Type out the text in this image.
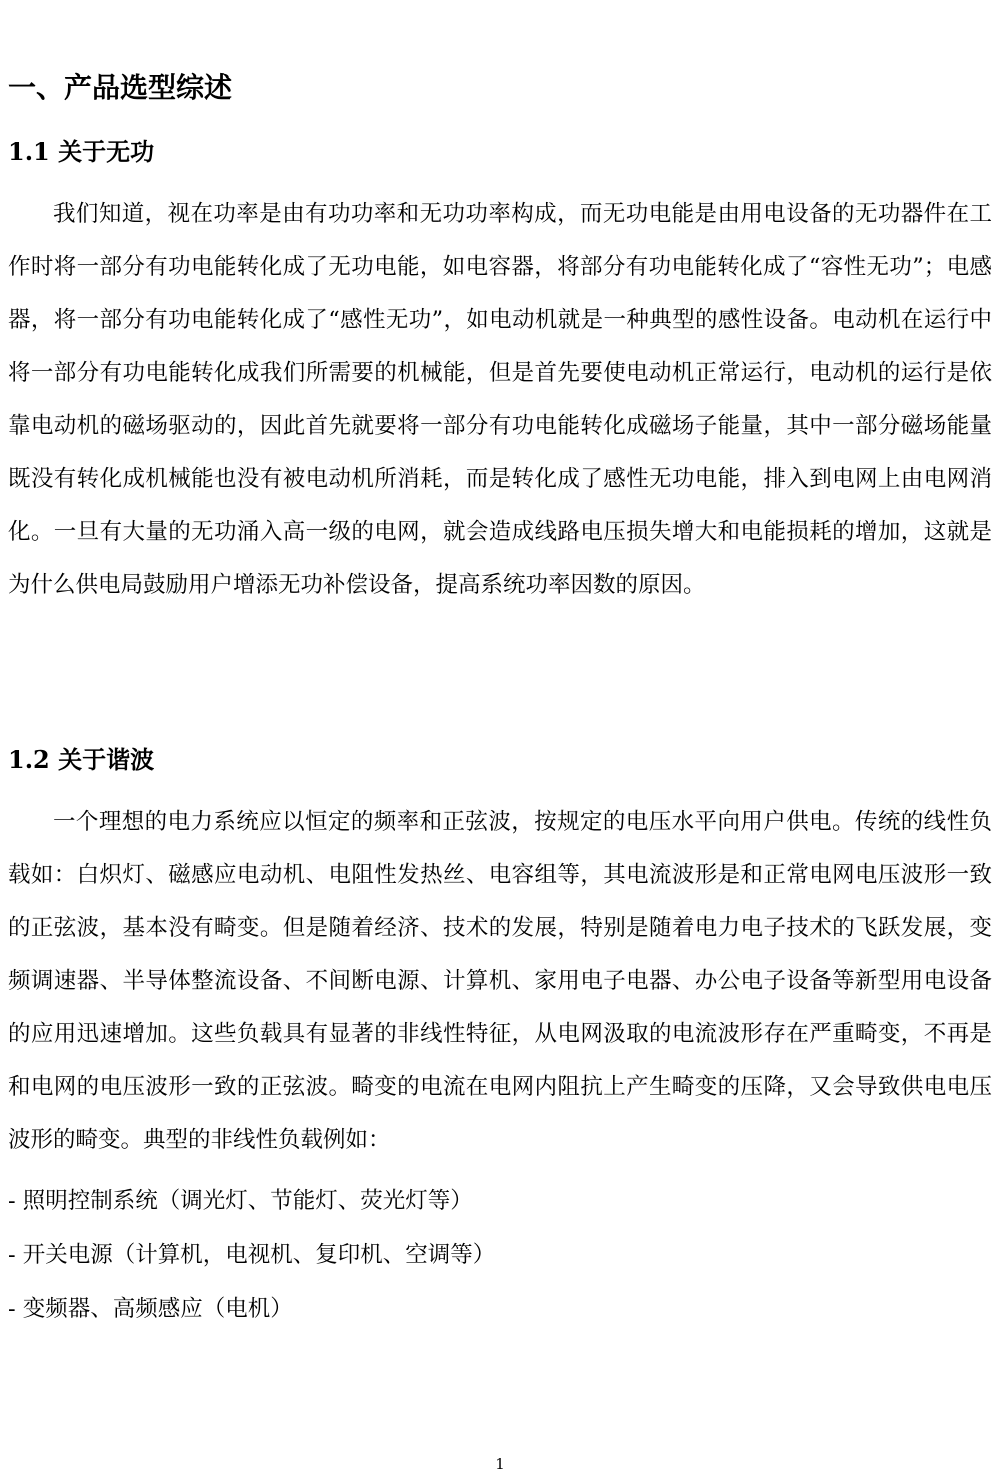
一、产品选型综述
1.1 关于无功

我们知道，视在功率是由有功功率和无功功率构成，而无功电能是由用电设备的无功器件在工作时将一部分有功电能转化成了无功电能，如电容器，将部分有功电能转化成了“容性无功”；电感器，将一部分有功电能转化成了“感性无功”，如电动机就是一种典型的感性设备。电动机在运行中将一部分有功电能转化成我们所需要的机械能，但是首先要使电动机正常运行，电动机的运行是依靠电动机的磁场驱动的，因此首先就要将一部分有功电能转化成磁场子能量，其中一部分磁场能量既没有转化成机械能也没有被电动机所消耗，而是转化成了感性无功电能，排入到电网上由电网消化。一旦有大量的无功涌入高一级的电网，就会造成线路电压损失增大和电能损耗的增加，这就是为什么供电局鼓励用户增添无功补偿设备，提高系统功率因数的原因。

1.2 关于谐波

一个理想的电力系统应以恒定的频率和正弦波，按规定的电压水平向用户供电。传统的线性负载如：白炽灯、磁感应电动机、电阻性发热丝、电容组等，其电流波形是和正常电网电压波形一致的正弦波，基本没有畸变。但是随着经济、技术的发展，特别是随着电力电子技术的飞跃发展，变频调速器、半导体整流设备、不间断电源、计算机、家用电子电器、办公电子设备等新型用电设备的应用迅速增加。这些负载具有显著的非线性特征，从电网汲取的电流波形存在严重畸变，不再是和电网的电压波形一致的正弦波。畸变的电流在电网内阻抗上产生畸变的压降，又会导致供电电压波形的畸变。典型的非线性负载例如：

- 照明控制系统（调光灯、节能灯、荧光灯等）
- 开关电源（计算机，电视机、复印机、空调等）
- 变频器、高频感应（电机）
1
